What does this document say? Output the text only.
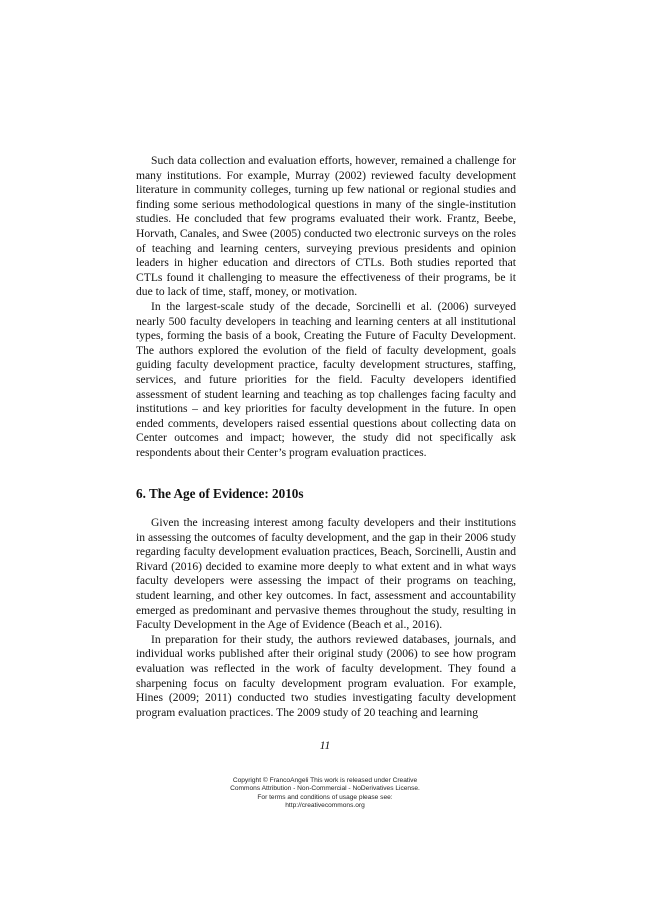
Such data collection and evaluation efforts, however, remained a challenge for many institutions. For example, Murray (2002) reviewed faculty development literature in community colleges, turning up few national or regional studies and finding some serious methodological questions in many of the single-institution studies. He concluded that few programs evaluated their work. Frantz, Beebe, Horvath, Canales, and Swee (2005) conducted two electronic surveys on the roles of teaching and learning centers, surveying previous presidents and opinion leaders in higher education and directors of CTLs. Both studies reported that CTLs found it challenging to measure the effectiveness of their programs, be it due to lack of time, staff, money, or motivation.

In the largest-scale study of the decade, Sorcinelli et al. (2006) surveyed nearly 500 faculty developers in teaching and learning centers at all institutional types, forming the basis of a book, Creating the Future of Faculty Development. The authors explored the evolution of the field of faculty development, goals guiding faculty development practice, faculty development structures, staffing, services, and future priorities for the field. Faculty developers identified assessment of student learning and teaching as top challenges facing faculty and institutions – and key priorities for faculty development in the future. In open ended comments, developers raised essential questions about collecting data on Center outcomes and impact; however, the study did not specifically ask respondents about their Center’s program evaluation practices.

6. The Age of Evidence: 2010s

Given the increasing interest among faculty developers and their institutions in assessing the outcomes of faculty development, and the gap in their 2006 study regarding faculty development evaluation practices, Beach, Sorcinelli, Austin and Rivard (2016) decided to examine more deeply to what extent and in what ways faculty developers were assessing the impact of their programs on teaching, student learning, and other key outcomes. In fact, assessment and accountability emerged as predominant and pervasive themes throughout the study, resulting in Faculty Development in the Age of Evidence (Beach et al., 2016).

In preparation for their study, the authors reviewed databases, journals, and individual works published after their original study (2006) to see how program evaluation was reflected in the work of faculty development. They found a sharpening focus on faculty development program evaluation. For example, Hines (2009; 2011) conducted two studies investigating faculty development program evaluation practices. The 2009 study of 20 teaching and learning

11
Copyright © FrancoAngeli This work is released under Creative
Commons Attribution - Non-Commercial - NoDerivatives License.
For terms and conditions of usage please see:
http://creativecommons.org
